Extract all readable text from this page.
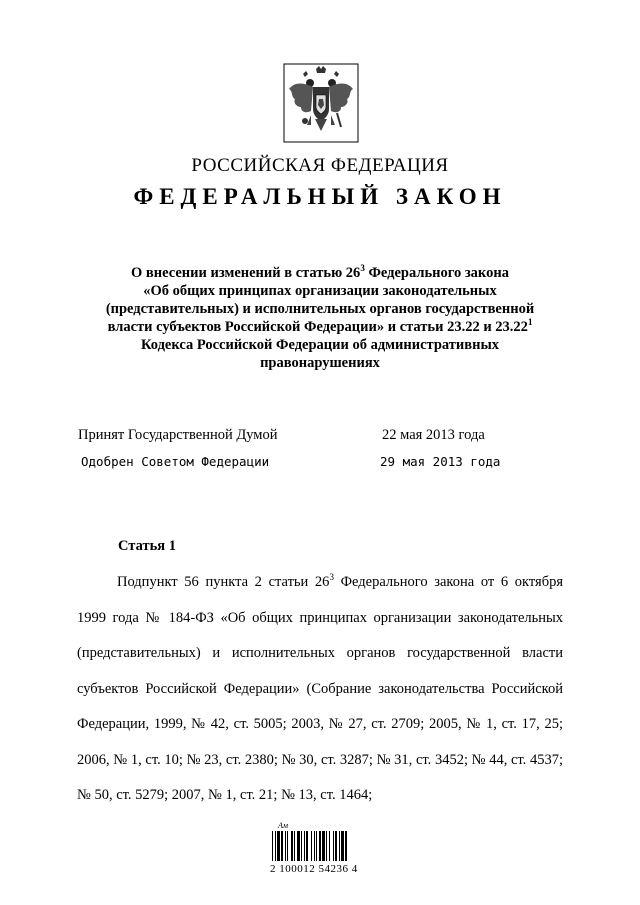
РОССИЙСКАЯ ФЕДЕРАЦИЯ
ФЕДЕРАЛЬНЫЙ ЗАКОН
О внесении изменений в статью $26^3$ Федерального закона
«Об общих принципах организации законодательных
(представительных) и исполнительных органов государственной
власти субъектов Российской Федерации» и статьи 23.22 и 23.22$^1$
Кодекса Российской Федерации об административных
правонарушениях
Принят Государственной Думой	22 мая 2013 года
Одобрен Советом Федерации	29 мая 2013 года
Статья 1

Подпункт 56 пункта 2 статьи $26^3$ Федерального закона от 6 октября 1999 года № 184-ФЗ «Об общих принципах организации законодательных (представительных) и исполнительных органов государственной власти субъектов Российской Федерации» (Собрание законодательства Российской Федерации, 1999, № 42, ст. 5005; 2003, № 27, ст. 2709; 2005, № 1, ст. 17, 25; 2006, № 1, ст. 10; № 23, ст. 2380; № 30, ст. 3287; № 31, ст. 3452; № 44, ст. 4537; № 50, ст. 5279; 2007, № 1, ст. 21; № 13, ст. 1464;

Ам
2 100012 54236 4
